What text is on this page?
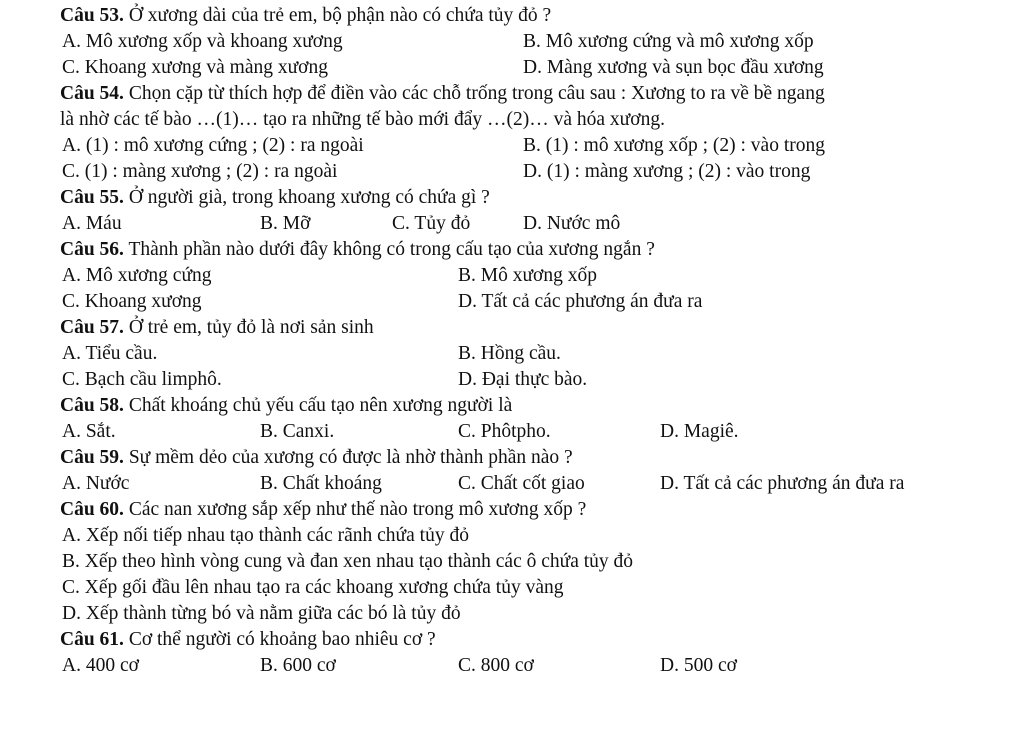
Câu 53. Ở xương dài của trẻ em, bộ phận nào có chứa tủy đỏ ?
A. Mô xương xốp và khoang xương	B. Mô xương cứng và mô xương xốp
C. Khoang xương và màng xương	D. Màng xương và sụn bọc đầu xương
Câu 54. Chọn cặp từ thích hợp để điền vào các chỗ trống trong câu sau : Xương to ra về bề ngang
là nhờ các tế bào …(1)… tạo ra những tế bào mới đẩy …(2)… và hóa xương.
A. (1) : mô xương cứng ; (2) : ra ngoài	B. (1) : mô xương xốp ; (2) : vào trong
C. (1) : màng xương ; (2) : ra ngoài	D. (1) : màng xương ; (2) : vào trong
Câu 55. Ở người già, trong khoang xương có chứa gì ?
A. Máu	B. Mỡ	C. Tủy đỏ	D. Nước mô
Câu 56. Thành phần nào dưới đây không có trong cấu tạo của xương ngắn ?
A. Mô xương cứng	B. Mô xương xốp
C. Khoang xương	D. Tất cả các phương án đưa ra
Câu 57. Ở trẻ em, tủy đỏ là nơi sản sinh
A. Tiểu cầu.	B. Hồng cầu.
C. Bạch cầu limphô.	D. Đại thực bào.
Câu 58. Chất khoáng chủ yếu cấu tạo nên xương người là
A. Sắt.	B. Canxi.	C. Phôtpho.	D. Magiê.
Câu 59. Sự mềm dẻo của xương có được là nhờ thành phần nào ?
A. Nước	B. Chất khoáng	C. Chất cốt giao	D. Tất cả các phương án đưa ra
Câu 60. Các nan xương sắp xếp như thế nào trong mô xương xốp ?
A. Xếp nối tiếp nhau tạo thành các rãnh chứa tủy đỏ
B. Xếp theo hình vòng cung và đan xen nhau tạo thành các ô chứa tủy đỏ
C. Xếp gối đầu lên nhau tạo ra các khoang xương chứa tủy vàng
D. Xếp thành từng bó và nằm giữa các bó là tủy đỏ
Câu 61. Cơ thể người có khoảng bao nhiêu cơ ?
A. 400 cơ	B. 600 cơ	C. 800 cơ	D. 500 cơ
